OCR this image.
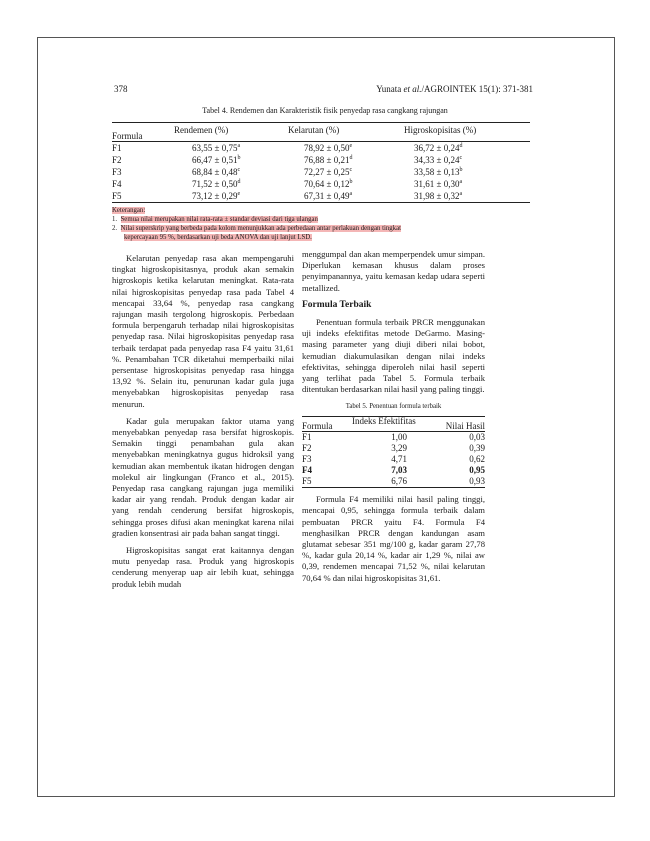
378	Yunata et al./AGROINTEK 15(1): 371-381
Tabel 4. Rendemen dan Karakteristik fisik penyedap rasa cangkang rajungan
Formula	Rendemen (%)	Kelarutan (%)	Higroskopisitas (%)
F1	63,55 ± 0,75$^a$	78,92 ± 0,50$^e$	36,72 ± 0,24$^d$
F2	66,47 ± 0,51$^b$	76,88 ± 0,21$^d$	34,33 ± 0,24$^c$
F3	68,84 ± 0,48$^c$	72,27 ± 0,25$^c$	33,58 ± 0,13$^b$
F4	71,52 ± 0,50$^d$	70,64 ± 0,12$^b$	31,61 ± 0,30$^a$
F5	73,12 ± 0,29$^e$	67,31 ± 0,49$^a$	31,98 ± 0,32$^a$
Keterangan:
1. Semua nilai merupakan nilai rata-rata ± standar deviasi dari tiga ulangan
2. Nilai superskrip yang berbeda pada kolom menunjukkan ada perbedaan antar perlakuan dengan tingkat
kepercayaan 95 %, berdasarkan uji beda ANOVA dan uji lanjut LSD.

Kelarutan penyedap rasa akan mempengaruhi tingkat higroskopisitasnya, produk akan semakin higroskopis ketika kelarutan meningkat. Rata-rata nilai higroskopisitas penyedap rasa pada Tabel 4 mencapai 33,64 %, penyedap rasa cangkang rajungan masih tergolong higroskopis. Perbedaan formula berpengaruh terhadap nilai higroskopisitas penyedap rasa. Nilai higroskopisitas penyedap rasa terbaik terdapat pada penyedap rasa F4 yaitu 31,61 %. Penambahan TCR diketahui memperbaiki nilai persentase higroskopisitas penyedap rasa hingga 13,92 %. Selain itu, penurunan kadar gula juga menyebabkan higroskopisitas penyedap rasa menurun.

Kadar gula merupakan faktor utama yang menyebabkan penyedap rasa bersifat higroskopis. Semakin tinggi penambahan gula akan menyebabkan meningkatnya gugus hidroksil yang kemudian akan membentuk ikatan hidrogen dengan molekul air lingkungan (Franco et al., 2015). Penyedap rasa cangkang rajungan juga memiliki kadar air yang rendah. Produk dengan kadar air yang rendah cenderung bersifat higroskopis, sehingga proses difusi akan meningkat karena nilai gradien konsentrasi air pada bahan sangat tinggi.

Higroskopisitas sangat erat kaitannya dengan mutu penyedap rasa. Produk yang higroskopis cenderung menyerap uap air lebih kuat, sehingga produk lebih mudah

menggumpal dan akan memperpendek umur simpan. Diperlukan kemasan khusus dalam proses penyimpanannya, yaitu kemasan kedap udara seperti metallized.

Formula Terbaik

Penentuan formula terbaik PRCR menggunakan uji indeks efektifitas metode DeGarmo. Masing-masing parameter yang diuji diberi nilai bobot, kemudian diakumulasikan dengan nilai indeks efektivitas, sehingga diperoleh nilai hasil seperti yang terlihat pada Tabel 5. Formula terbaik ditentukan berdasarkan nilai hasil yang paling tinggi.

Tabel 5. Penentuan formula terbaik
Formula	Indeks Efektifitas	Nilai Hasil
F1	1,00	0,03
F2	3,29	0,39
F3	4,71	0,62
F4	7,03	0,95
F5	6,76	0,93

Formula F4 memiliki nilai hasil paling tinggi, mencapai 0,95, sehingga formula terbaik dalam pembuatan PRCR yaitu F4. Formula F4 menghasilkan PRCR dengan kandungan asam glutamat sebesar 351 mg/100 g, kadar garam 27,78 %, kadar gula 20,14 %, kadar air 1,29 %, nilai aw 0,39, rendemen mencapai 71,52 %, nilai kelarutan 70,64 % dan nilai higroskopisitas 31,61.
